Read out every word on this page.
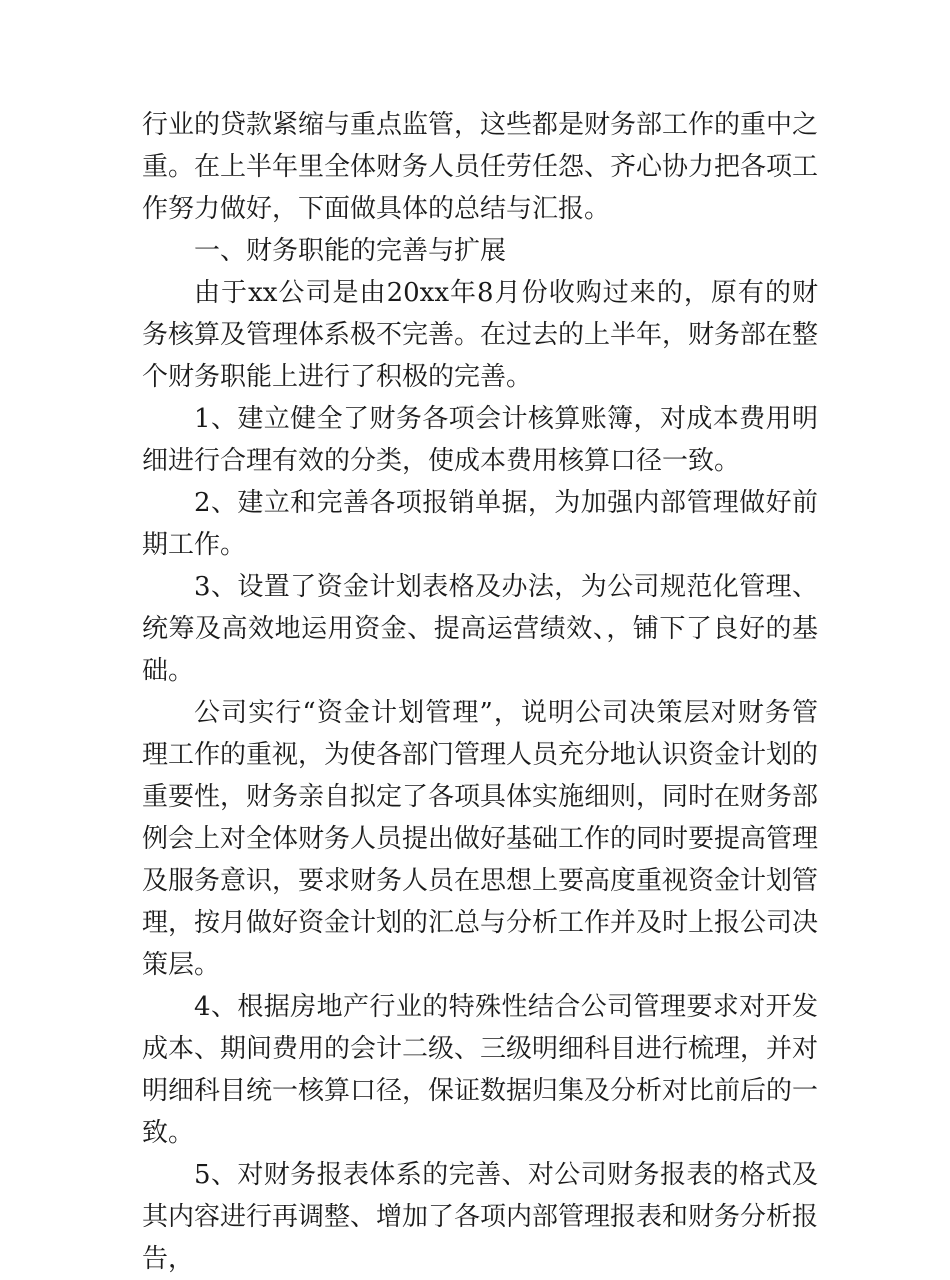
行业的贷款紧缩与重点监管，这些都是财务部工作的重中之重。在上半年里全体财务人员任劳任怨、齐心协力把各项工作努力做好，下面做具体的总结与汇报。

一、财务职能的完善与扩展

由于xx公司是由20xx年8月份收购过来的，原有的财务核算及管理体系极不完善。在过去的上半年，财务部在整个财务职能上进行了积极的完善。

1、建立健全了财务各项会计核算账簿，对成本费用明细进行合理有效的分类，使成本费用核算口径一致。

2、建立和完善各项报销单据，为加强内部管理做好前期工作。

3、设置了资金计划表格及办法，为公司规范化管理、统筹及高效地运用资金、提高运营绩效、，铺下了良好的基础。

公司实行“资金计划管理”，说明公司决策层对财务管理工作的重视，为使各部门管理人员充分地认识资金计划的重要性，财务亲自拟定了各项具体实施细则，同时在财务部例会上对全体财务人员提出做好基础工作的同时要提高管理及服务意识，要求财务人员在思想上要高度重视资金计划管理，按月做好资金计划的汇总与分析工作并及时上报公司决策层。

4、根据房地产行业的特殊性结合公司管理要求对开发成本、期间费用的会计二级、三级明细科目进行梳理，并对明细科目统一核算口径，保证数据归集及分析对比前后的一致。

5、对财务报表体系的完善、对公司财务报表的格式及其内容进行再调整、增加了各项内部管理报表和财务分析报告，
